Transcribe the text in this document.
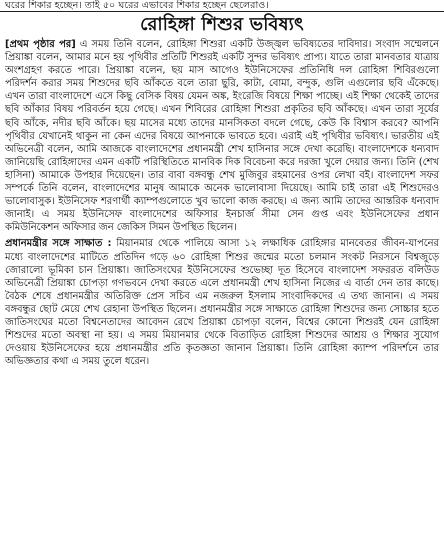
ঘরের শিকার হচ্ছেন। তাই ৫০ ঘরের এভাবের শিকার হচ্ছেন ছেলেরাও।
রোহিঙ্গা শিশুর ভবিষ্যৎ

[প্রথম পৃষ্ঠার পর] এ সময় তিনি বলেন, রোহিঙ্গা শিশুরা একটি উজ্জ্বল ভবিষ্যতের দাবিদার। সংবাদ সম্মেলনে প্রিয়াঙ্কা বলেন, আমার মনে হয় পৃথিবীর প্রতিটি শিশুরই একটি সুন্দর ভবিষ্যৎ প্রাপ্য। যাতে তারা মানবতার যাত্রায় অংশগ্রহণ করতে পারে। প্রিয়াঙ্কা বলেন, ছয় মাস আগেও ইউনিসেফের প্রতিনিধি দল রোহিঙ্গা শিবিরগুলো পরিদর্শন করার সময় শিশুদের ছবি আঁকতে বলে তারা ছুরি, কাটা, বোমা, বন্দুক, গুলি এগুলোর ছবি এঁকেছে। এখন তারা বাংলাদেশে এসে কিছু বেসিক বিষয় যেমন অঙ্ক, ইংরেজি বিষয়ে শিক্ষা পাচ্ছে। এই শিক্ষা থেকেই তাদের ছবি আঁকার বিষয় পরিবর্তন হয়ে গেছে। এখন শিবিরের রোহিঙ্গা শিশুরা প্রকৃতির ছবি আঁকছে। এখন তারা সূর্যের ছবি আঁকে, নদীর ছবি আঁকে। ছয় মাসের মধ্যে তাদের মানসিকতা বদলে গেছে, কেউ কি বিশ্বাস করবে? আপনি পৃথিবীর যেখানেই থাকুন না কেন এদের বিষয়ে আপনাকে ভাবতে হবে। এরাই এই পৃথিবীর ভবিষ্যৎ। ভারতীয় এই অভিনেত্রী বলেন, আমি আজকে বাংলাদেশের প্রধানমন্ত্রী শেখ হাসিনার সঙ্গে দেখা করেছি। বাংলাদেশকে ধন্যবাদ জানিয়েছি রোহিঙ্গাদের এমন একটি পরিস্থিতিতে মানবিক দিক বিবেচনা করে দরজা খুলে দেয়ার জন্য। তিনি (শেখ হাসিনা) আমাকে উপহার দিয়েছেন। তার বাবা বঙ্গবন্ধু শেখ মুজিবুর রহমানের ওপর লেখা বই। বাংলাদেশ সফর সম্পর্কে তিনি বলেন, বাংলাদেশের মানুষ আমাকে অনেক ভালোবাসা দিয়েছে। আমি চাই তারা এই শিশুদেরও ভালোবাসুক। ইউনিসেফ শরণার্থী ক্যাম্পগুলোতে খুব ভালো কাজ করছে। এ জন্য আমি তাদের আন্তরিক ধন্যবাদ জানাই। এ সময় ইউনিসেফ বাংলাদেশের অফিসার ইনচার্জ সীমা সেন গুপ্ত এবং ইউনিসেফের প্রধান কমিউনিকেশন অফিসার জন জেকিস সিমন উপস্থিত ছিলেন।

প্রধানমন্ত্রীর সঙ্গে সাক্ষাত : মিয়ানমার থেকে পালিয়ে আসা ১২ লক্ষাধিক রোহিঙ্গার মানবেতর জীবন-যাপনের মধ্যে বাংলাদেশের মাটিতে প্রতিদিন গড়ে ৬০ রোহিঙ্গা শিশুর জন্মের মতো চলমান সংকট নিরসনে বিশ্বজুড়ে জোরালো ভূমিকা চান প্রিয়াঙ্কা। জাতিসংঘের ইউনিসেফের শুভেচ্ছা দূত হিসেবে বাংলাদেশ সফররত বলিউড অভিনেত্রী প্রিয়াঙ্কা চোপড়া গণভবনে দেখা করতে এলে প্রধানমন্ত্রী শেখ হাসিনা নিজের এ বার্তা দেন তার কাছে। বৈঠক শেষে প্রধানমন্ত্রীর অতিরিক্ত প্রেস সচিব এম নজরুল ইসলাম সাংবাদিকদের এ তথ্য জানান। এ সময় বঙ্গবন্ধুর ছোট মেয়ে শেখ রেহানা উপস্থিত ছিলেন। প্রধানমন্ত্রীর সঙ্গে সাক্ষাতে রোহিঙ্গা শিশুদের জন্য সোচ্চার হতে জাতিসংঘের মতো বিশ্বনেতাদের আবেদন রেখে প্রিয়াঙ্কা চোপড়া বলেন, বিশ্বের কোনো শিশুরই যেন রোহিঙ্গা শিশুদের মতো অবস্থা না হয়। এ সময় মিয়ানমার থেকে বিতাড়িত রোহিঙ্গা শিশুদের আশ্রয় ও শিক্ষার সুযোগ দেওয়ায় ইউনিসেফের হয়ে প্রধানমন্ত্রীর প্রতি কৃতজ্ঞতা জানান প্রিয়াঙ্কা। তিনি রোহিঙ্গা ক্যাম্প পরিদর্শনে তার অভিজ্ঞতার কথা এ সময় তুলে ধরেন।
